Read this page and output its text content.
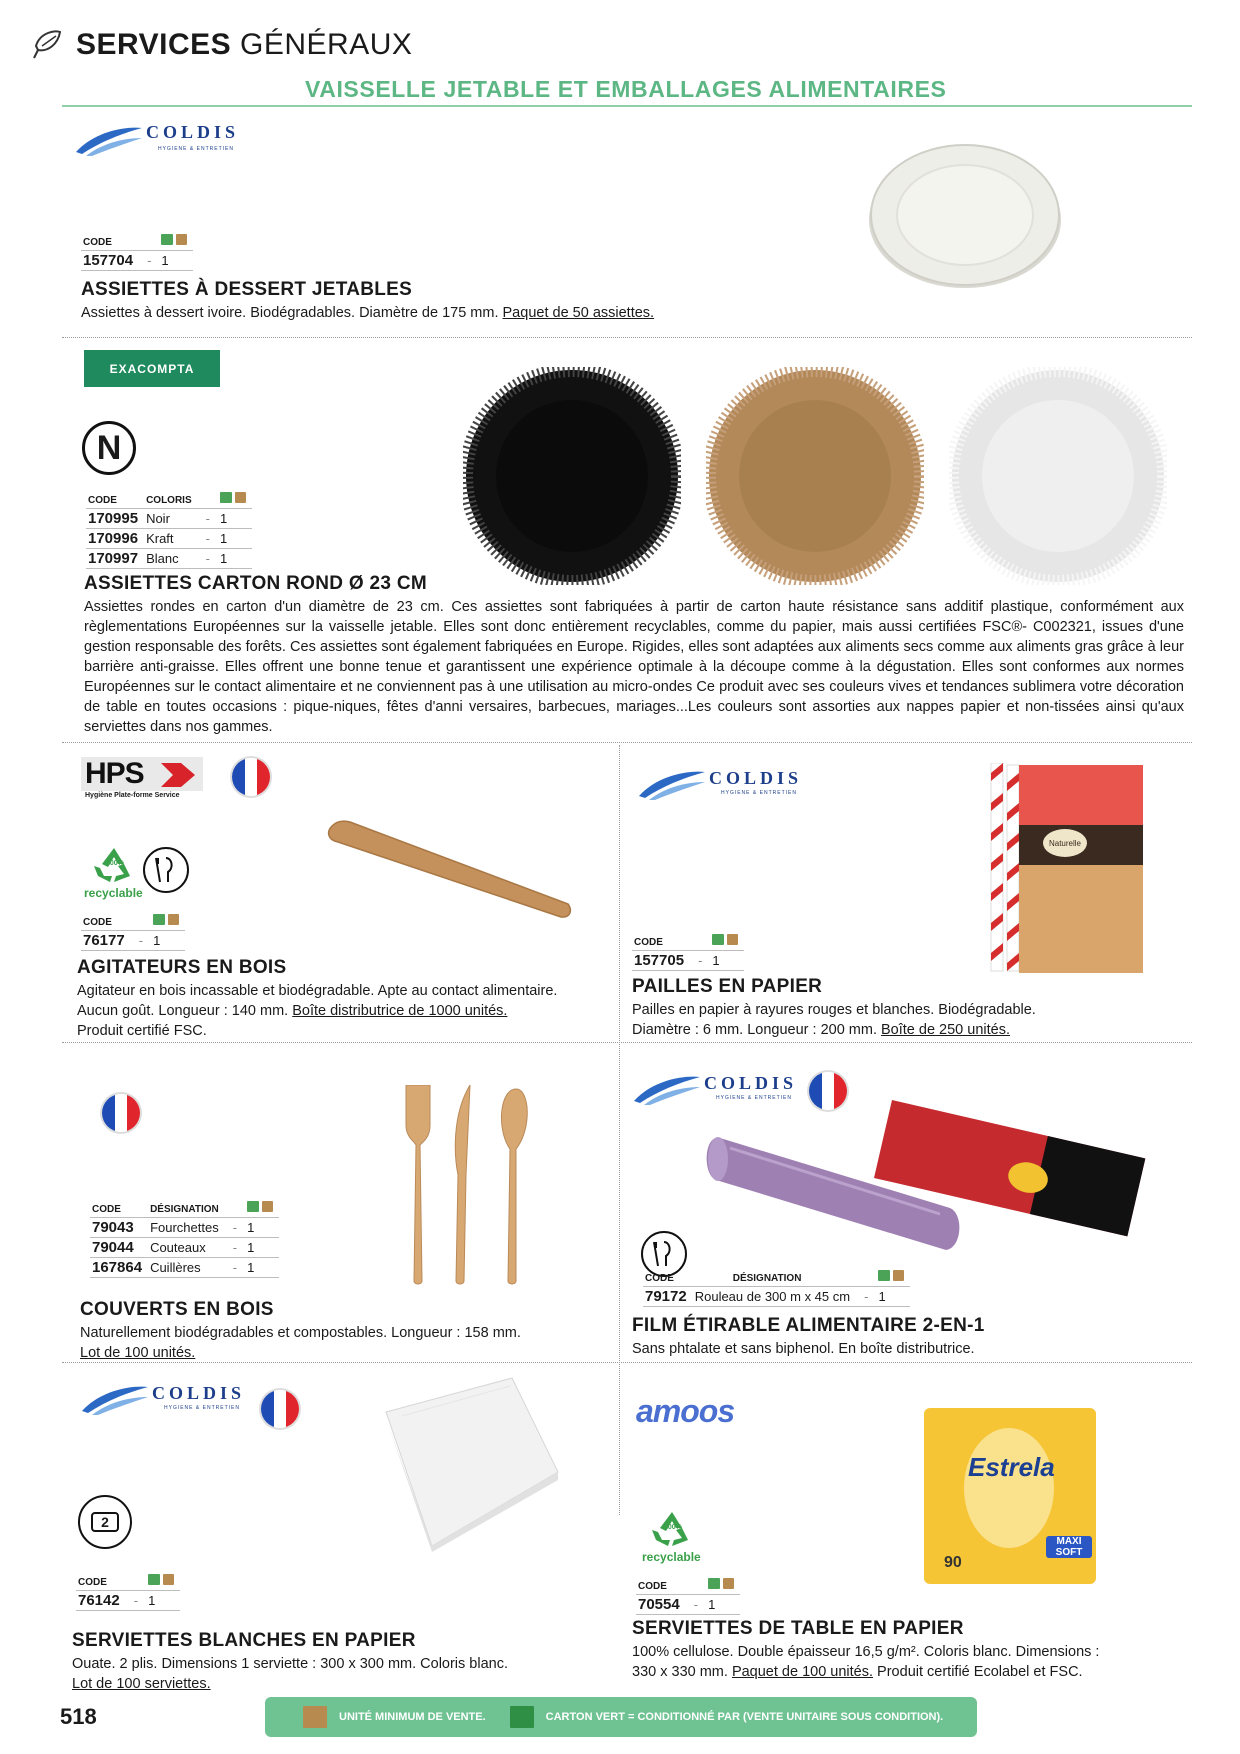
SERVICES GÉNÉRAUX
VAISSELLE JETABLE ET EMBALLAGES ALIMENTAIRES
COLDIS
HYGIENE & ENTRETIEN
CODE		
157704	-	1
ASSIETTES À DESSERT JETABLES
Assiettes à dessert ivoire. Biodégradables. Diamètre de 175 mm. Paquet de 50 assiettes.
EXACOMPTA
N
CODE	COLORIS		
170995	Noir	-	1
170996	Kraft	-	1
170997	Blanc	-	1
ASSIETTES CARTON ROND Ø 23 CM
Assiettes rondes en carton d'un diamètre de 23 cm. Ces assiettes sont fabriquées à partir de carton haute résistance sans additif plastique, conformément aux règlementations Européennes sur la vaisselle jetable. Elles sont donc entièrement recyclables, comme du papier, mais aussi certifiées FSC®- C002321, issues d'une gestion responsable des forêts. Ces assiettes sont également fabriquées en Europe. Rigides, elles sont adaptées aux aliments secs comme aux aliments gras grâce à leur barrière anti-graisse. Elles offrent une bonne tenue et garantissent une expérience optimale à la découpe comme à la dégustation. Elles sont conformes aux normes Européennes sur le contact alimentaire et ne conviennent pas à une utilisation au micro-ondes Ce produit avec ses couleurs vives et tendances sublimera votre décoration de table en toutes occasions : pique-niques, fêtes d'anni versaires, barbecues, mariages...Les couleurs sont assorties aux nappes papier et non-tissées ainsi qu'aux serviettes dans nos gammes.
HPS
Hygiène Plate-forme Service
100%
recyclable
CODE		
76177	-	1
AGITATEURS EN BOIS
Agitateur en bois incassable et biodégradable. Apte au contact alimentaire.
Aucun goût. Longueur : 140 mm. Boîte distributrice de 1000 unités.
Produit certifié FSC.
COLDIS
HYGIENE & ENTRETIEN
Naturelle
CODE		
157705	-	1
PAILLES EN PAPIER
Pailles en papier à rayures rouges et blanches. Biodégradable.
Diamètre : 6 mm. Longueur : 200 mm. Boîte de 250 unités.
CODE	DÉSIGNATION		
79043	Fourchettes	-	1
79044	Couteaux	-	1
167864	Cuillères	-	1
COUVERTS EN BOIS
Naturellement biodégradables et compostables. Longueur : 158 mm.
Lot de 100 unités.
COLDIS
HYGIENE & ENTRETIEN
CODE	DÉSIGNATION		
79172	Rouleau de 300 m x 45 cm	-	1
FILM ÉTIRABLE ALIMENTAIRE 2-EN-1
Sans phtalate et sans biphenol. En boîte distributrice.
COLDIS
HYGIENE & ENTRETIEN
2
CODE		
76142	-	1
SERVIETTES BLANCHES EN PAPIER
Ouate. 2 plis. Dimensions 1 serviette : 300 x 300 mm. Coloris blanc.
Lot de 100 serviettes.
amoos
100%
recyclable
Estrela
MAXI SOFT
90
CODE		
70554	-	1
SERVIETTES DE TABLE EN PAPIER
100% cellulose. Double épaisseur 16,5 g/m². Coloris blanc. Dimensions :
330 x 330 mm. Paquet de 100 unités. Produit certifié Ecolabel et FSC.
518	UNITÉ MINIMUM DE VENTE.	CARTON VERT = CONDITIONNÉ PAR (VENTE UNITAIRE SOUS CONDITION).
